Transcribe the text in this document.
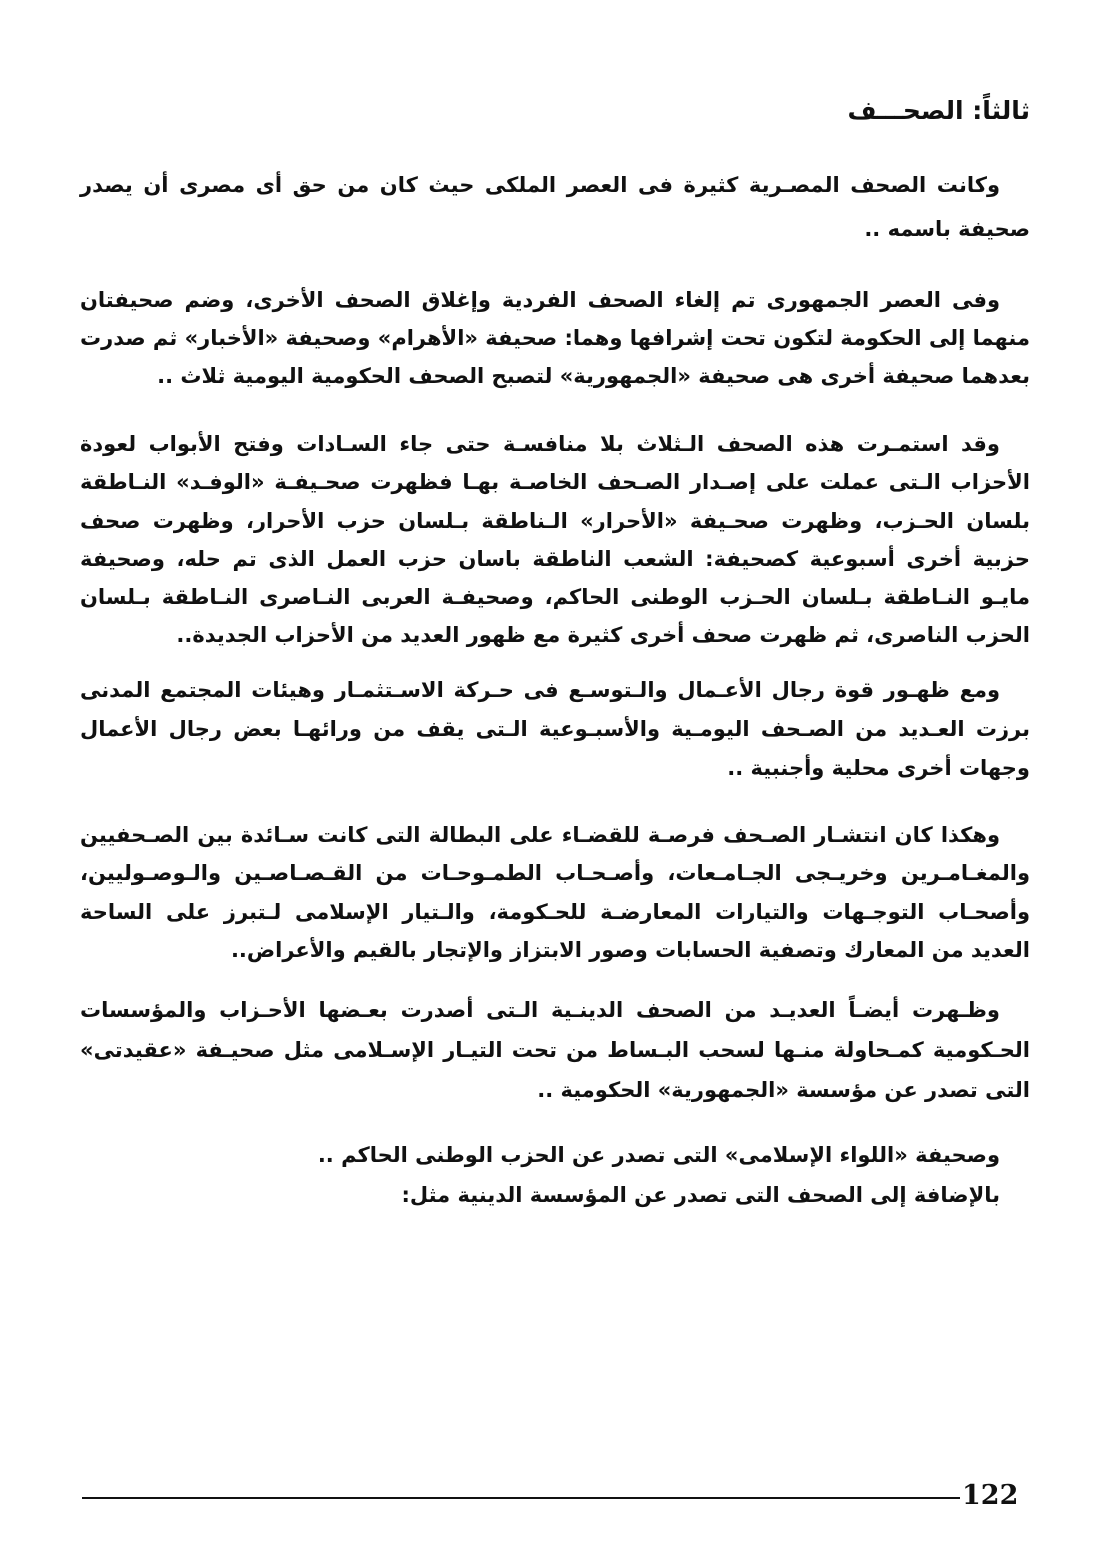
ثالثاً: الصحـــف
وكانت الصحف المصـرية كثيرة فى العصر الملكى حيث كان من حق أى مصرى أن يصدر
صحيفة باسمه ..
وفى العصر الجمهورى تم إلغاء الصحف الفردية وإغلاق الصحف الأخرى، وضم صحيفتان
منهما إلى الحكومة لتكون تحت إشرافها وهما: صحيفة «الأهرام» وصحيفة «الأخبار» ثم صدرت
بعدهما صحيفة أخرى هى صحيفة «الجمهورية» لتصبح الصحف الحكومية اليومية ثلاث ..
وقد استمـرت هذه الصحف الـثلاث بلا منافسـة حتى جاء السـادات وفتح الأبواب لعودة
الأحزاب الـتى عملت على إصـدار الصـحف الخاصـة بهـا فظهرت صحـيفـة «الوفـد» النـاطقة
بلسان الحـزب، وظهرت صحـيفة «الأحرار» الـناطقة بـلسان حزب الأحرار، وظهرت صحف
حزبية أخرى أسبوعية كصحيفة: الشعب الناطقة باسان حزب العمل الذى تم حله، وصحيفة
مايـو النـاطقة بـلسان الحـزب الوطنى الحاكم، وصحيفـة العربى النـاصرى النـاطقة بـلسان
الحزب الناصرى، ثم ظهرت صحف أخرى كثيرة مع ظهور العديد من الأحزاب الجديدة..
ومع ظهـور قوة رجال الأعـمال والـتوسـع فى حـركة الاسـتثمـار وهيئات المجتمع المدنى
برزت العـديد من الصـحف اليومـية والأسبـوعية الـتى يقف من ورائهـا بعض رجال الأعمال
وجهات أخرى محلية وأجنبية ..
وهكذا كان انتشـار الصـحف فرصـة للقضـاء على البطالة التى كانت سـائدة بين الصـحفيين
والمغـامـرين وخريـجى الجـامـعات، وأصـحـاب الطمـوحـات من القـصـاصـين والـوصـوليين،
وأصحـاب التوجـهات والتيارات المعارضـة للحـكومة، والـتيار الإسلامى لـتبرز على الساحة
العديد من المعارك وتصفية الحسابات وصور الابتزاز والإتجار بالقيم والأعراض..
وظـهرت أيضـاً العديـد من الصحف الدينـية الـتى أصدرت بعـضها الأحـزاب والمؤسسات
الحـكومية كمـحاولة منـها لسحب البـساط من تحت التيـار الإسـلامى مثل صحيـفة «عقيدتى»
التى تصدر عن مؤسسة «الجمهورية» الحكومية ..
وصحيفة «اللواء الإسلامى» التى تصدر عن الحزب الوطنى الحاكم ..
بالإضافة إلى الصحف التى تصدر عن المؤسسة الدينية مثل:
122
